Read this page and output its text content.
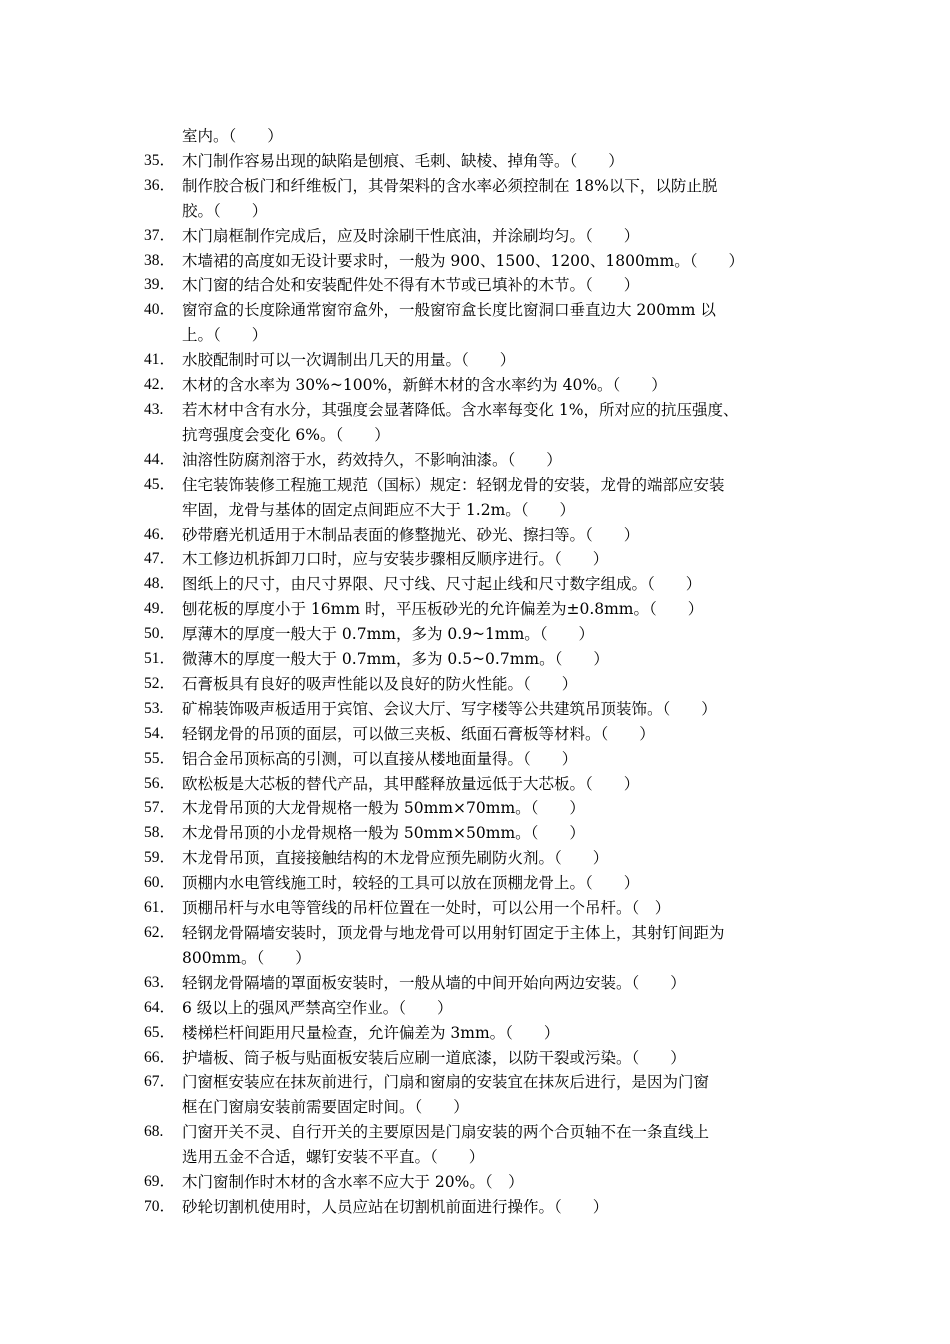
室内。（　　）
35． 木门制作容易出现的缺陷是刨痕、毛刺、缺棱、掉角等。（　　）
36． 制作胶合板门和纤维板门，其骨架料的含水率必须控制在 18%以下，以防止脱
胶。（　　）
37． 木门扇框制作完成后，应及时涂刷干性底油，并涂刷均匀。（　　）
38． 木墙裙的高度如无设计要求时，一般为 900、1500、1200、1800mm。（　　）
39． 木门窗的结合处和安装配件处不得有木节或已填补的木节。（　　）
40． 窗帘盒的长度除通常窗帘盒外，一般窗帘盒长度比窗洞口垂直边大 200mm 以
上。（　　）
41． 水胶配制时可以一次调制出几天的用量。（　　）
42． 木材的含水率为 30%~100%，新鲜木材的含水率约为 40%。（　　）
43. 若木材中含有水分，其强度会显著降低。含水率每变化 1%，所对应的抗压强度、
抗弯强度会变化 6%。（　　）
44． 油溶性防腐剂溶于水，药效持久，不影响油漆。（　　）
45． 住宅装饰装修工程施工规范（国标）规定：轻钢龙骨的安装，龙骨的端部应安装
牢固，龙骨与基体的固定点间距应不大于 1.2m。（　　）
46． 砂带磨光机适用于木制品表面的修整抛光、砂光、擦扫等。（　　）
47． 木工修边机拆卸刀口时，应与安装步骤相反顺序进行。（　　）
48． 图纸上的尺寸，由尺寸界限、尺寸线、尺寸起止线和尺寸数字组成。（　　）
49． 刨花板的厚度小于 16mm 时，平压板砂光的允许偏差为±0.8mm。（　　）
50． 厚薄木的厚度一般大于 0.7mm，多为 0.9~1mm。（　　）
51． 微薄木的厚度一般大于 0.7mm，多为 0.5~0.7mm。（　　）
52． 石膏板具有良好的吸声性能以及良好的防火性能。（　　）
53. 矿棉装饰吸声板适用于宾馆、会议大厅、写字楼等公共建筑吊顶装饰。（　　）
54． 轻钢龙骨的吊顶的面层，可以做三夹板、纸面石膏板等材料。（　　）
55． 铝合金吊顶标高的引测，可以直接从楼地面量得。（　　）
56． 欧松板是大芯板的替代产品，其甲醛释放量远低于大芯板。（　　）
57． 木龙骨吊顶的大龙骨规格一般为 50mm×70mm。（　　）
58． 木龙骨吊顶的小龙骨规格一般为 50mm×50mm。（　　）
59． 木龙骨吊顶，直接接触结构的木龙骨应预先刷防火剂。（　　）
60． 顶棚内水电管线施工时，较轻的工具可以放在顶棚龙骨上。（　　）
61． 顶棚吊杆与水电等管线的吊杆位置在一处时，可以公用一个吊杆。（　）
62． 轻钢龙骨隔墙安装时，顶龙骨与地龙骨可以用射钉固定于主体上，其射钉间距为
800mm。（　　）
63． 轻钢龙骨隔墙的罩面板安装时，一般从墙的中间开始向两边安装。（　　）
64． 6 级以上的强风严禁高空作业。（　　）
65． 楼梯栏杆间距用尺量检查，允许偏差为 3mm。（　　）
66． 护墙板、筒子板与贴面板安装后应刷一道底漆，以防干裂或污染。（　　）
67． 门窗框安装应在抹灰前进行，门扇和窗扇的安装宜在抹灰后进行，是因为门窗
框在门窗扇安装前需要固定时间。（　　）
68. 门窗开关不灵、自行开关的主要原因是门扇安装的两个合页轴不在一条直线上
选用五金不合适，螺钉安装不平直。（　　）
69． 木门窗制作时木材的含水率不应大于 20%。（　）
70． 砂轮切割机使用时，人员应站在切割机前面进行操作。（　　）
